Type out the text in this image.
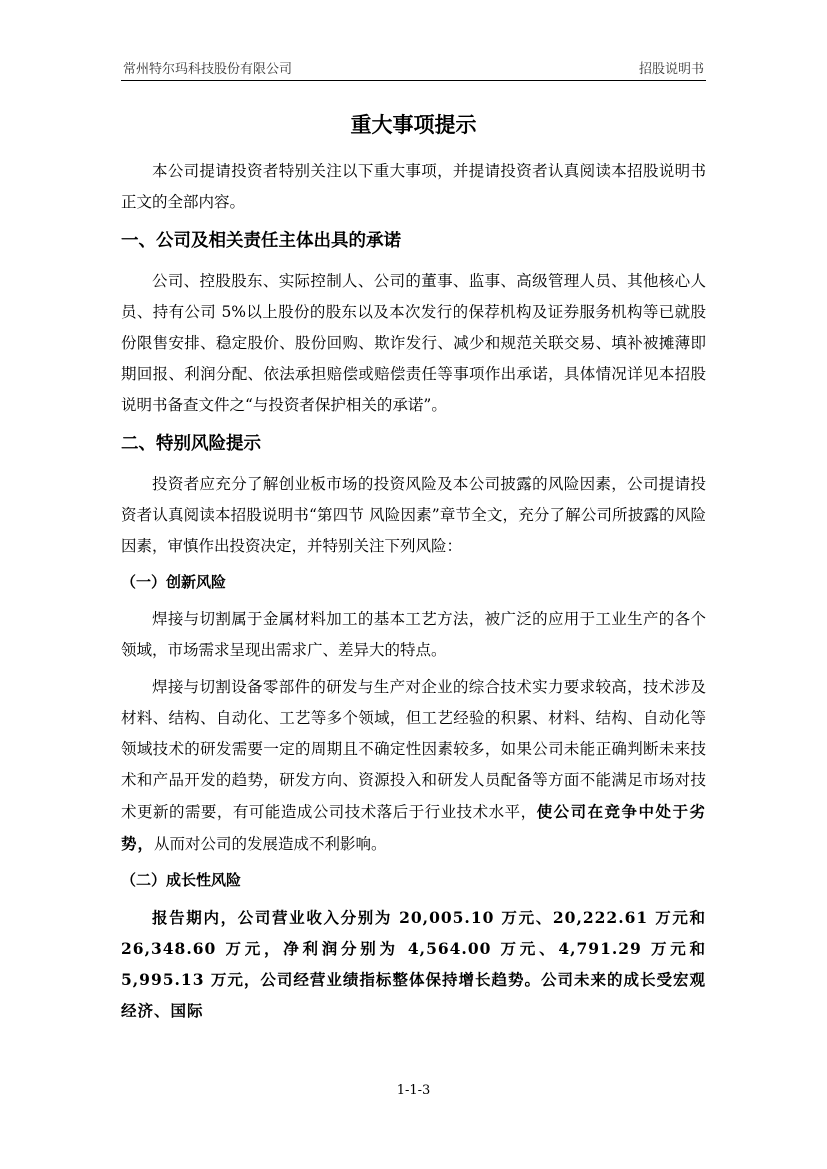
常州特尔玛科技股份有限公司	招股说明书
重大事项提示

本公司提请投资者特别关注以下重大事项，并提请投资者认真阅读本招股说明书正文的全部内容。

一、公司及相关责任主体出具的承诺

公司、控股股东、实际控制人、公司的董事、监事、高级管理人员、其他核心人员、持有公司 5%以上股份的股东以及本次发行的保荐机构及证券服务机构等已就股份限售安排、稳定股价、股份回购、欺诈发行、减少和规范关联交易、填补被摊薄即期回报、利润分配、依法承担赔偿或赔偿责任等事项作出承诺，具体情况详见本招股说明书备查文件之“与投资者保护相关的承诺”。

二、特别风险提示

投资者应充分了解创业板市场的投资风险及本公司披露的风险因素，公司提请投资者认真阅读本招股说明书“第四节 风险因素”章节全文，充分了解公司所披露的风险因素，审慎作出投资决定，并特别关注下列风险：

（一）创新风险

焊接与切割属于金属材料加工的基本工艺方法，被广泛的应用于工业生产的各个领域，市场需求呈现出需求广、差异大的特点。

焊接与切割设备零部件的研发与生产对企业的综合技术实力要求较高，技术涉及材料、结构、自动化、工艺等多个领域，但工艺经验的积累、材料、结构、自动化等领域技术的研发需要一定的周期且不确定性因素较多，如果公司未能正确判断未来技术和产品开发的趋势，研发方向、资源投入和研发人员配备等方面不能满足市场对技术更新的需要，有可能造成公司技术落后于行业技术水平，使公司在竞争中处于劣势，从而对公司的发展造成不利影响。

（二）成长性风险

报告期内，公司营业收入分别为 20,005.10 万元、20,222.61 万元和26,348.60 万元，净利润分别为 4,564.00 万元、4,791.29 万元和 5,995.13 万元，公司经营业绩指标整体保持增长趋势。公司未来的成长受宏观经济、国际

1-1-3
